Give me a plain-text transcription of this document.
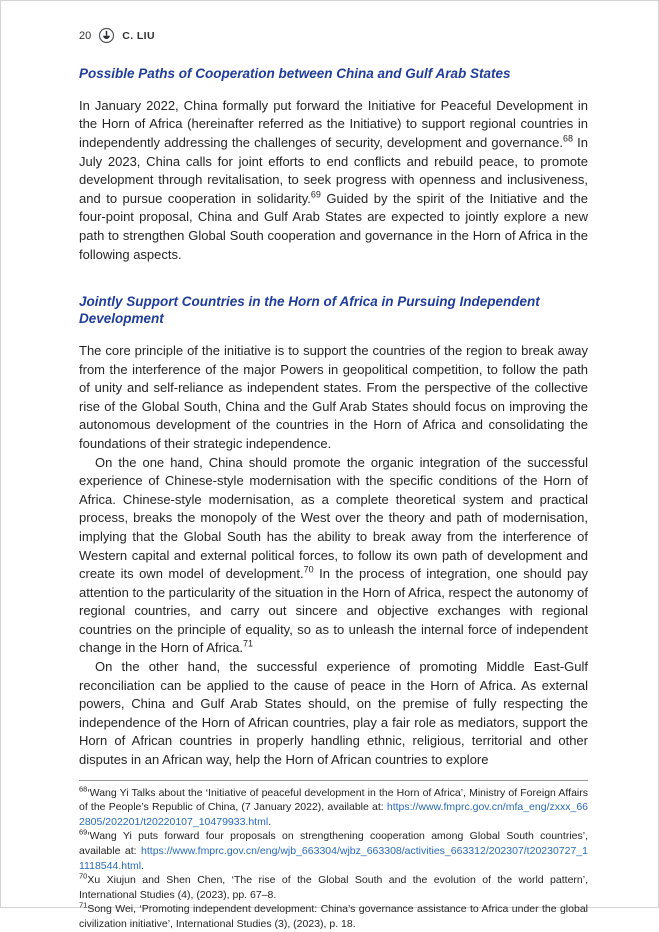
20	C. LIU
Possible Paths of Cooperation between China and Gulf Arab States

In January 2022, China formally put forward the Initiative for Peaceful Development in the Horn of Africa (hereinafter referred as the Initiative) to support regional countries in independently addressing the challenges of security, development and governance.$^{68}$ In July 2023, China calls for joint efforts to end conflicts and rebuild peace, to promote development through revitalisation, to seek progress with openness and inclusiveness, and to pursue cooperation in solidarity.$^{69}$ Guided by the spirit of the Initiative and the four-point proposal, China and Gulf Arab States are expected to jointly explore a new path to strengthen Global South cooperation and governance in the Horn of Africa in the following aspects.

Jointly Support Countries in the Horn of Africa in Pursuing Independent Development

The core principle of the initiative is to support the countries of the region to break away from the interference of the major Powers in geopolitical competition, to follow the path of unity and self-reliance as independent states. From the perspective of the collective rise of the Global South, China and the Gulf Arab States should focus on improving the autonomous development of the countries in the Horn of Africa and consolidating the foundations of their strategic independence.

On the one hand, China should promote the organic integration of the successful experience of Chinese-style modernisation with the specific conditions of the Horn of Africa. Chinese-style modernisation, as a complete theoretical system and practical process, breaks the monopoly of the West over the theory and path of modernisation, implying that the Global South has the ability to break away from the interference of Western capital and external political forces, to follow its own path of development and create its own model of development.$^{70}$ In the process of integration, one should pay attention to the particularity of the situation in the Horn of Africa, respect the autonomy of regional countries, and carry out sincere and objective exchanges with regional countries on the principle of equality, so as to unleash the internal force of independent change in the Horn of Africa.$^{71}$

On the other hand, the successful experience of promoting Middle East-Gulf reconciliation can be applied to the cause of peace in the Horn of Africa. As external powers, China and Gulf Arab States should, on the premise of fully respecting the independence of the Horn of African countries, play a fair role as mediators, support the Horn of African countries in properly handling ethnic, religious, territorial and other disputes in an African way, help the Horn of African countries to explore

$^{68}$‘Wang Yi Talks about the ‘Initiative of peaceful development in the Horn of Africa’, Ministry of Foreign Affairs of the People’s Republic of China, (7 January 2022), available at: https://www.fmprc.gov.cn/mfa_eng/zxxx_662805/202201/t20220107_10479933.html.

$^{69}$‘Wang Yi puts forward four proposals on strengthening cooperation among Global South countries’, available at: https://www.fmprc.gov.cn/eng/wjb_663304/wjbz_663308/activities_663312/202307/t20230727_11118544.html.

$^{70}$Xu Xiujun and Shen Chen, ‘The rise of the Global South and the evolution of the world pattern’, International Studies (4), (2023), pp. 67–8.

$^{71}$Song Wei, ‘Promoting independent development: China’s governance assistance to Africa under the global civilization initiative’, International Studies (3), (2023), p. 18.
